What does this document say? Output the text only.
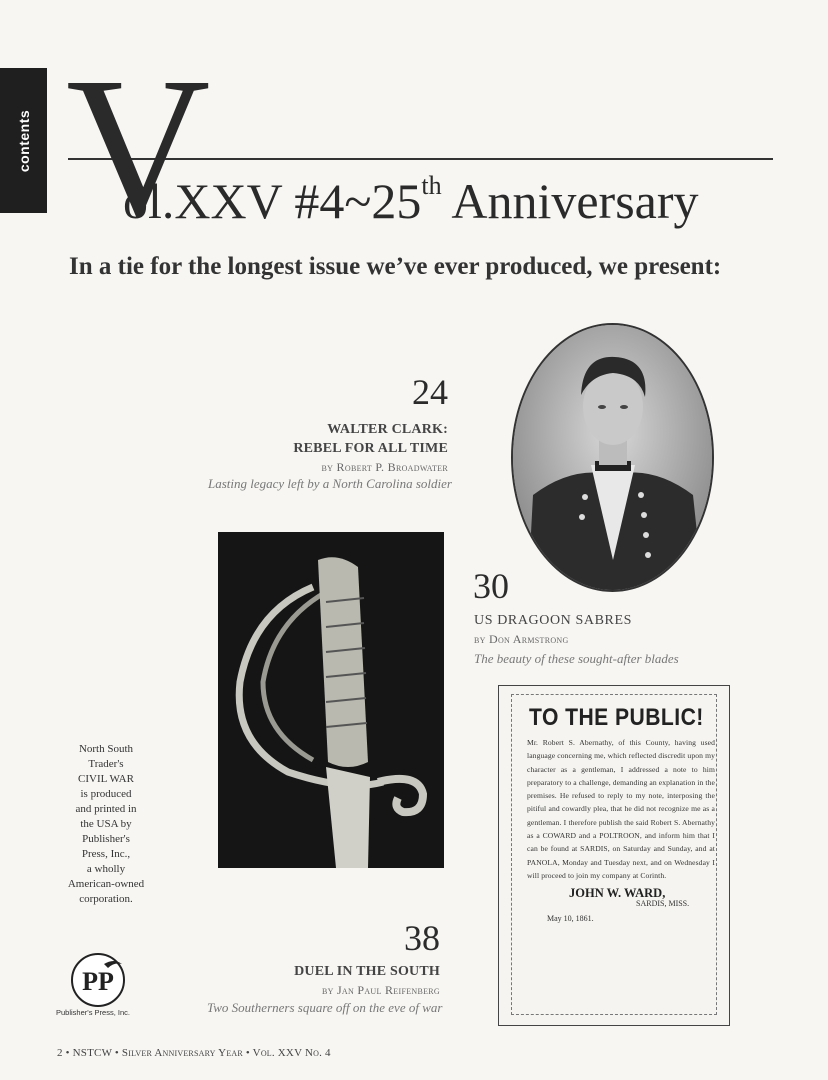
contents V
ol.XXV #4~25th Anniversary
In a tie for the longest issue we’ve ever produced, we present:
24
WALTER CLARK:
REBEL FOR ALL TIME
by Robert P. Broadwater
Lasting legacy left by a North Carolina soldier
30
US DRAGOON SABRES
by Don Armstrong
The beauty of these sought-after blades
TO THE PUBLIC!

Mr. Robert S. Abernathy, of this County, having used language concerning me, which reflected discredit upon my character as a gentleman, I addressed a note to him preparatory to a challenge, demanding an explanation in the premises. He refused to reply to my note, interposing the pitiful and cowardly plea, that he did not recognize me as a gentleman. I therefore publish the said Robert S. Abernathy as a COWARD and a POLTROON, and inform him that I can be found at SARDIS, on Saturday and Sunday, and at PANOLA, Monday and Tuesday next, and on Wednesday I will proceed to join my company at Corinth.

JOHN W. WARD,
SARDIS, MISS.
May 10, 1861.
North South
Trader's
CIVIL WAR
is produced
and printed in
the USA by
Publisher's
Press, Inc.,
a wholly
American-owned
corporation.
38
DUEL IN THE SOUTH
by Jan Paul Reifenberg
Two Southerners square off on the eve of war
PP
Publisher's Press, Inc.
2 • NSTCW • Silver Anniversary Year • Vol. XXV No. 4
